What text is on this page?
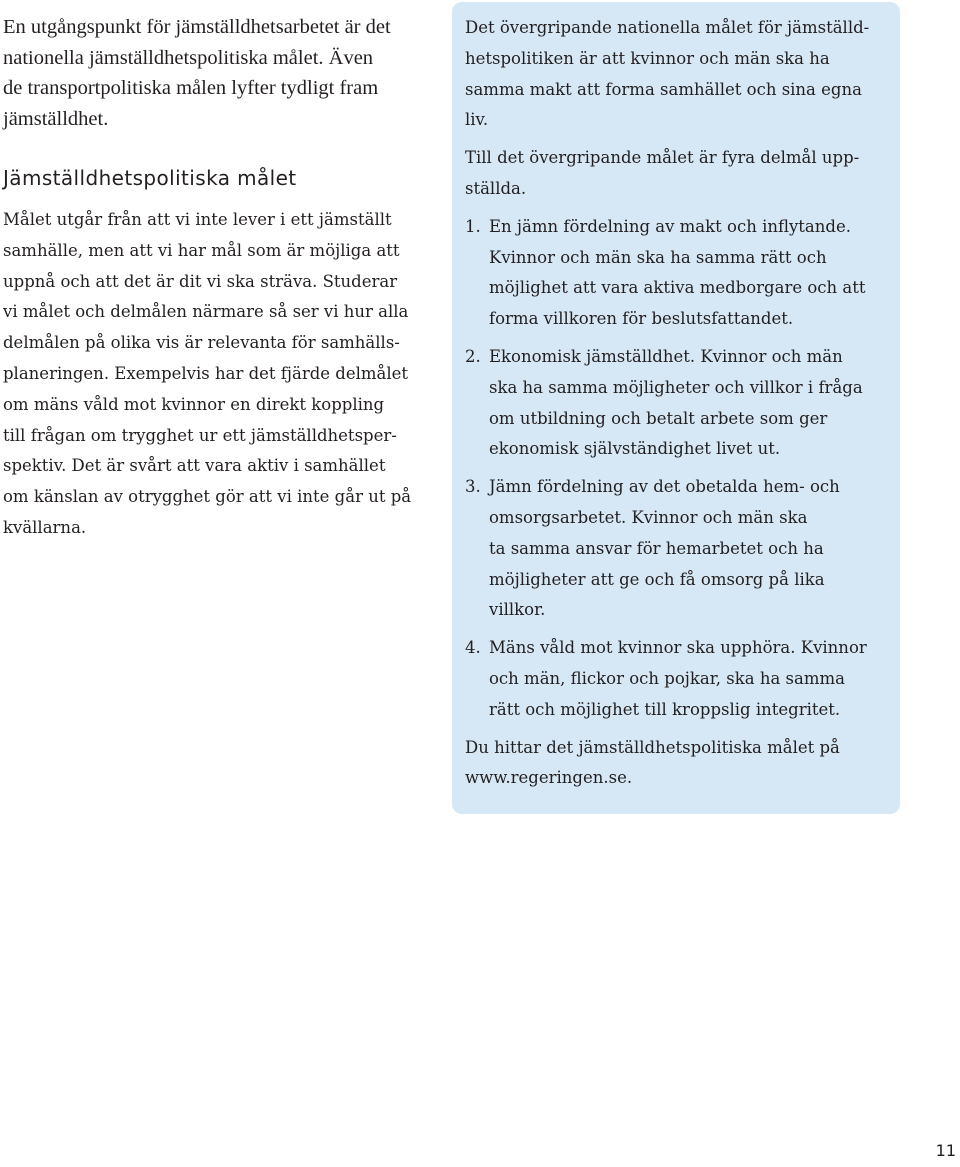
En utgångspunkt för jämställdhetsarbetet är det
nationella jämställdhetspolitiska målet. Även
de transportpolitiska målen lyfter tydligt fram
jämställdhet.

Jämställdhetspolitiska målet

Målet utgår från att vi inte lever i ett jämställt
samhälle, men att vi har mål som är möjliga att
uppnå och att det är dit vi ska sträva. Studerar
vi målet och delmålen närmare så ser vi hur alla
delmålen på olika vis är relevanta för samhälls-
planeringen. Exempelvis har det fjärde delmålet
om mäns våld mot kvinnor en direkt koppling
till frågan om trygghet ur ett jämställdhetsper-
spektiv. Det är svårt att vara aktiv i samhället
om känslan av otrygghet gör att vi inte går ut på
kvällarna.

Det övergripande nationella målet för jämställd-
hetspolitiken är att kvinnor och män ska ha
samma makt att forma samhället och sina egna
liv.

Till det övergripande målet är fyra delmål upp-
ställda.

1. En jämn fördelning av makt och inflytande.
Kvinnor och män ska ha samma rätt och
möjlighet att vara aktiva medborgare och att
forma villkoren för beslutsfattandet.
2. Ekonomisk jämställdhet. Kvinnor och män
ska ha samma möjligheter och villkor i fråga
om utbildning och betalt arbete som ger
ekonomisk självständighet livet ut.
3. Jämn fördelning av det obetalda hem- och
omsorgsarbetet. Kvinnor och män ska
ta samma ansvar för hemarbetet och ha
möjligheter att ge och få omsorg på lika
villkor.
4. Mäns våld mot kvinnor ska upphöra. Kvinnor
och män, flickor och pojkar, ska ha samma
rätt och möjlighet till kroppslig integritet.

Du hittar det jämställdhetspolitiska målet på
www.regeringen.se.

11
